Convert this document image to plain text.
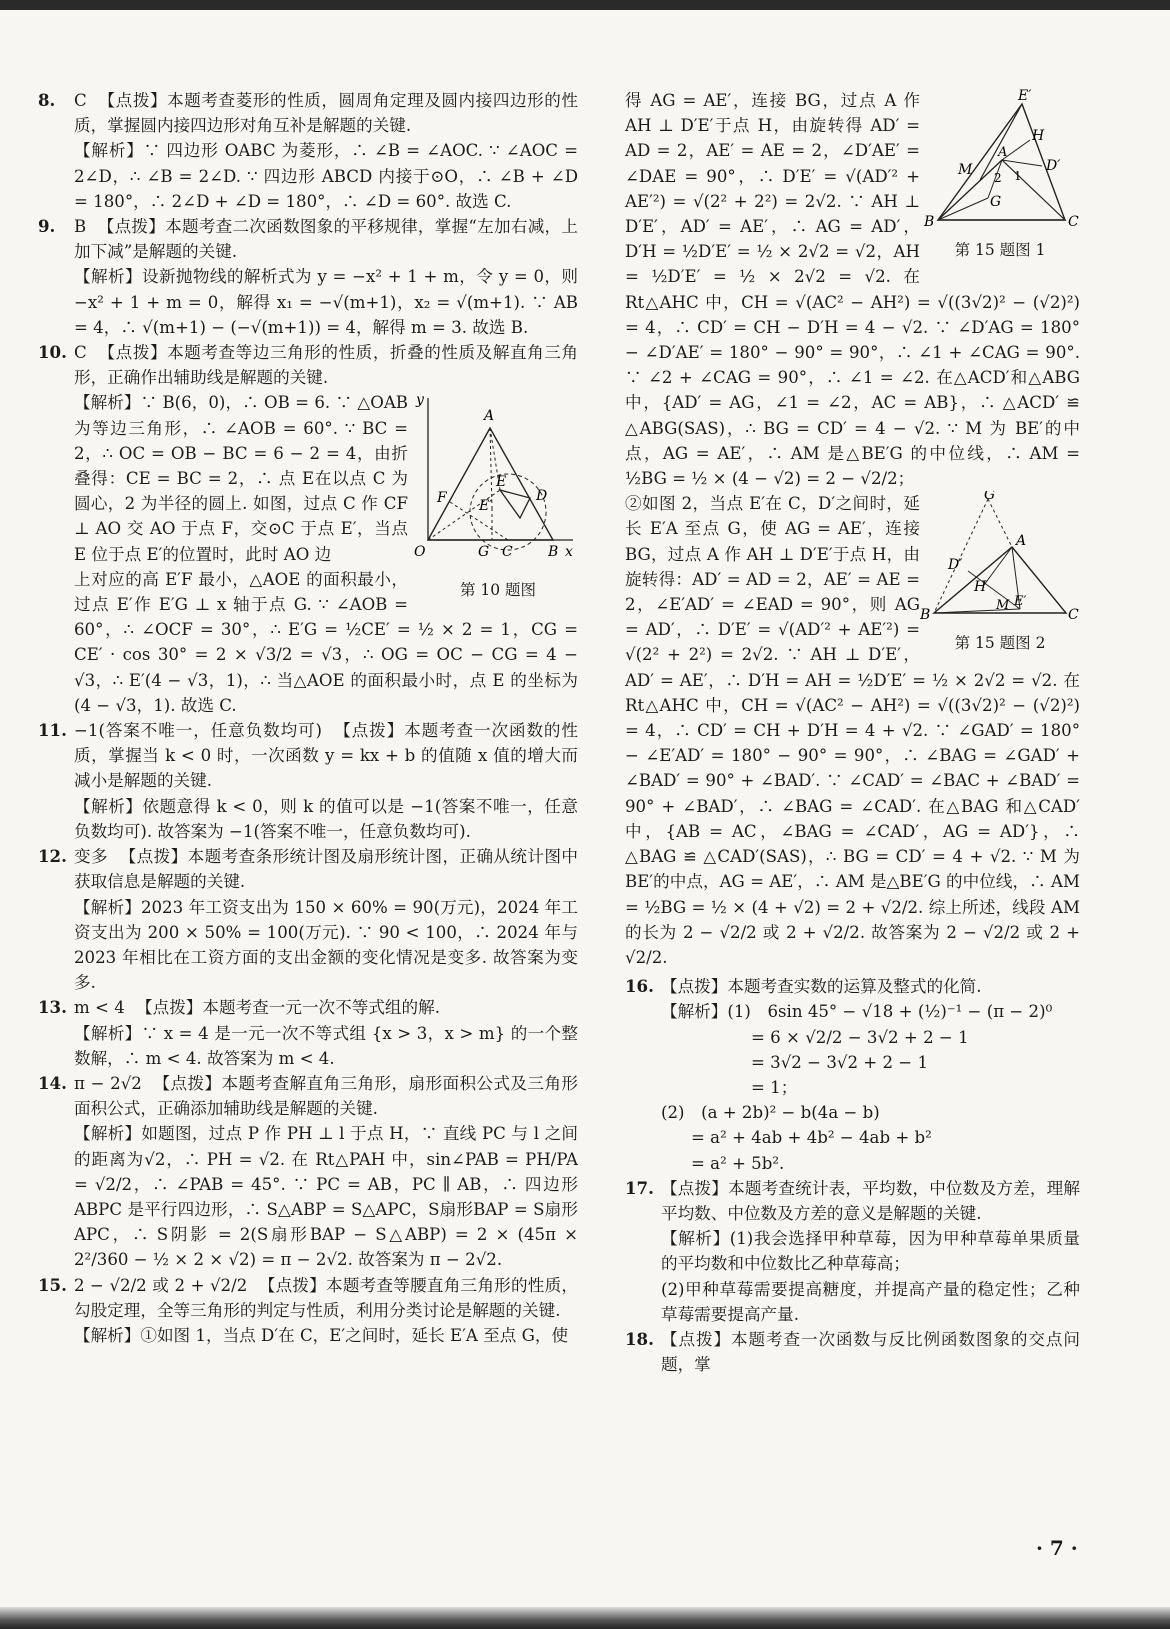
8. C 【点拨】本题考查菱形的性质，圆周角定理及圆内接四边形的性质，掌握圆内接四边形对角互补是解题的关键.
【解析】∵ 四边形 OABC 为菱形，∴ ∠B = ∠AOC. ∵ ∠AOC = 2∠D，∴ ∠B = 2∠D. ∵ 四边形 ABCD 内接于⊙O，∴ ∠B + ∠D = 180°，∴ 2∠D + ∠D = 180°，∴ ∠D = 60°. 故选 C.

9. B 【点拨】本题考查二次函数图象的平移规律，掌握“左加右减，上加下减”是解题的关键.
【解析】设新抛物线的解析式为 y = −x² + 1 + m，令 y = 0，则 −x² + 1 + m = 0，解得 x₁ = −√(m+1)，x₂ = √(m+1). ∵ AB = 4，∴ √(m+1) − (−√(m+1)) = 4，解得 m = 3. 故选 B.

10. C 【点拨】本题考查等边三角形的性质，折叠的性质及解直角三角形，正确作出辅助线是解题的关键.

y
A
F
E
E′
D
O	G C	B x
第 10 题图

【解析】∵ B(6，0)，∴ OB = 6. ∵ △OAB为等边三角形，∴ ∠AOB = 60°. ∵ BC = 2，∴ OC = OB − BC = 6 − 2 = 4，由折叠得：CE = BC = 2，∴ 点 E在以点 C 为圆心，2 为半径的圆上. 如图，过点 C 作 CF ⊥ AO 交 AO 于点 F，交⊙C 于点 E′，当点 E 位于点 E′的位置时，此时 AO 边

上对应的高 E′F 最小，△AOE 的面积最小，过点 E′作 E′G ⊥ x 轴于点 G. ∵ ∠AOB = 60°，∴ ∠OCF = 30°，∴ E′G = ½CE′ = ½ × 2 = 1，CG = CE′ · cos 30° = 2 × √3/2 = √3，∴ OG = OC − CG = 4 − √3，∴ E′(4 − √3，1)，∴ 当△AOE 的面积最小时，点 E 的坐标为(4 − √3，1). 故选 C.

11. −1(答案不唯一，任意负数均可) 【点拨】本题考查一次函数的性质，掌握当 k < 0 时，一次函数 y = kx + b 的值随 x 值的增大而减小是解题的关键.
【解析】依题意得 k < 0，则 k 的值可以是 −1(答案不唯一，任意负数均可). 故答案为 −1(答案不唯一，任意负数均可).

12. 变多 【点拨】本题考查条形统计图及扇形统计图，正确从统计图中获取信息是解题的关键.
【解析】2023 年工资支出为 150 × 60% = 90(万元)，2024 年工资支出为 200 × 50% = 100(万元). ∵ 90 < 100，∴ 2024 年与 2023 年相比在工资方面的支出金额的变化情况是变多. 故答案为变多.

13. m < 4 【点拨】本题考查一元一次不等式组的解.
【解析】∵ x = 4 是一元一次不等式组 {x > 3，x > m} 的一个整数解，∴ m < 4. 故答案为 m < 4.

14. π − 2√2 【点拨】本题考查解直角三角形，扇形面积公式及三角形面积公式，正确添加辅助线是解题的关键.
【解析】如题图，过点 P 作 PH ⊥ l 于点 H，∵ 直线 PC 与 l 之间的距离为√2，∴ PH = √2. 在 Rt△PAH 中，sin∠PAB = PH/PA = √2/2，∴ ∠PAB = 45°. ∵ PC = AB，PC ∥ AB，∴ 四边形 ABPC 是平行四边形，∴ S△ABP = S△APC，S扇形BAP = S扇形APC，∴ S阴影 = 2(S扇形BAP − S△ABP) = 2 × (45π × 2²/360 − ½ × 2 × √2) = π − 2√2. 故答案为 π − 2√2.

15. 2 − √2/2 或 2 + √2/2 【点拨】本题考查等腰直角三角形的性质，勾股定理，全等三角形的判定与性质，利用分类讨论是解题的关键.
【解析】①如图 1，当点 D′在 C，E′之间时，延长 E′A 至点 G，使

E′
H
M	D′
A
2 1
G
B	C
第 15 题图 1

得 AG = AE′，连接 BG，过点 A 作 AH ⊥ D′E′于点 H，由旋转得 AD′ = AD = 2，AE′ = AE = 2，∠D′AE′ = ∠DAE = 90°，∴ D′E′ = √(AD′² + AE′²) = √(2² + 2²) = 2√2. ∵ AH ⊥ D′E′，AD′ = AE′，∴ AG = AD′，D′H = ½D′E′ = ½ × 2√2 = √2，AH = ½D′E′ = ½ × 2√2 = √2. 在 Rt△AHC 中，CH = √(AC² − AH²) = √((3√2)² − (√2)²) = 4，∴ CD′ = CH − D′H = 4 − √2. ∵ ∠D′AG = 180° − ∠D′AE′ = 180° − 90° = 90°，∴ ∠1 + ∠CAG = 90°. ∵ ∠2 + ∠CAG = 90°，∴ ∠1 = ∠2. 在△ACD′和△ABG 中，{AD′ = AG，∠1 = ∠2，AC = AB}，∴ △ACD′ ≌ △ABG(SAS)，∴ BG = CD′ = 4 − √2. ∵ M 为 BE′的中点，AG = AE′，∴ AM 是△BE′G 的中位线，∴ AM = ½BG = ½ × (4 − √2) = 2 − √2/2；

G
D′
A
H
M E′
B	C
第 15 题图 2

②如图 2，当点 E′在 C，D′之间时，延长 E′A 至点 G，使 AG = AE′，连接 BG，过点 A 作 AH ⊥ D′E′于点 H，由旋转得：AD′ = AD = 2，AE′ = AE = 2，∠E′AD′ = ∠EAD = 90°，则 AG = AD′，∴ D′E′ = √(AD′² + AE′²) = √(2² + 2²) = 2√2. ∵ AH ⊥ D′E′，AD′ = AE′，∴ D′H = AH = ½D′E′ = ½ × 2√2 = √2. 在 Rt△AHC 中，CH = √(AC² − AH²) = √((3√2)² − (√2)²) = 4，∴ CD′ = CH + D′H = 4 + √2. ∵ ∠GAD′ = 180° − ∠E′AD′ = 180° − 90° = 90°，∴ ∠BAG = ∠GAD′ + ∠BAD′ = 90° + ∠BAD′. ∵ ∠CAD′ = ∠BAC + ∠BAD′ = 90° + ∠BAD′，∴ ∠BAG = ∠CAD′. 在△BAG 和△CAD′中，{AB = AC，∠BAG = ∠CAD′，AG = AD′}，∴ △BAG ≌ △CAD′(SAS)，∴ BG = CD′ = 4 + √2. ∵ M 为 BE′的中点，AG = AE′，∴ AM 是△BE′G 的中位线，∴ AM = ½BG = ½ × (4 + √2) = 2 + √2/2. 综上所述，线段 AM 的长为 2 − √2/2 或 2 + √2/2. 故答案为 2 − √2/2 或 2 + √2/2.

16. 【点拨】本题考查实数的运算及整式的化简.
【解析】(1)　6sin 45° − √18 + (½)⁻¹ − (π − 2)⁰
= 6 × √2/2 − 3√2 + 2 − 1
= 3√2 − 3√2 + 2 − 1
= 1；
(2)　(a + 2b)² − b(4a − b)
= a² + 4ab + 4b² − 4ab + b²
= a² + 5b².

17. 【点拨】本题考查统计表，平均数，中位数及方差，理解平均数、中位数及方差的意义是解题的关键.
【解析】(1)我会选择甲种草莓，因为甲种草莓单果质量的平均数和中位数比乙种草莓高；
(2)甲种草莓需要提高糖度，并提高产量的稳定性；乙种草莓需要提高产量.

18. 【点拨】本题考查一次函数与反比例函数图象的交点问题，掌

· 7 ·
